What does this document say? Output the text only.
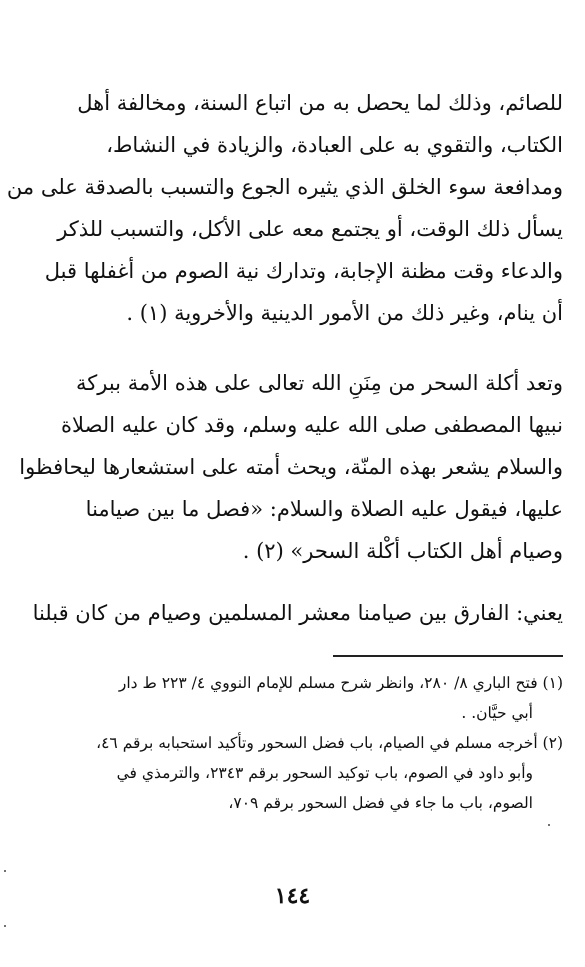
للصائم، وذلك لما يحصل به من اتباع السنة، ومخالفة أهل
الكتاب، والتقوي به على العبادة، والزيادة في النشاط،
ومدافعة سوء الخلق الذي يثيره الجوع والتسبب بالصدقة على من
يسأل ذلك الوقت، أو يجتمع معه على الأكل، والتسبب للذكر
والدعاء وقت مظنة الإجابة، وتدارك نية الصوم من أغفلها قبل
أن ينام، وغير ذلك من الأمور الدينية والأخروية (١) .
وتعد أكلة السحر من مِنَنِ الله تعالى على هذه الأمة ببركة
نبيها المصطفى صلى الله عليه وسلم، وقد كان عليه الصلاة
والسلام يشعر بهذه المنّة، ويحث أمته على استشعارها ليحافظوا
عليها، فيقول عليه الصلاة والسلام: «فصل ما بين صيامنا
وصيام أهل الكتاب أكْلة السحر» (٢) .
يعني: الفارق بين صيامنا معشر المسلمين وصيام من كان قبلنا
(١) فتح الباري ٨/ ٢٨٠، وانظر شرح مسلم للإمام النووي ٤/ ٢٢٣ ط دار
أبي حيَّان. .
(٢) أخرجه مسلم في الصيام، باب فضل السحور وتأكيد استحبابه برقم ٤٦،
وأبو داود في الصوم، باب توكيد السحور برقم ٢٣٤٣، والترمذي في
الصوم، باب ما جاء في فضل السحور برقم ٧٠٩،
١٤٤
